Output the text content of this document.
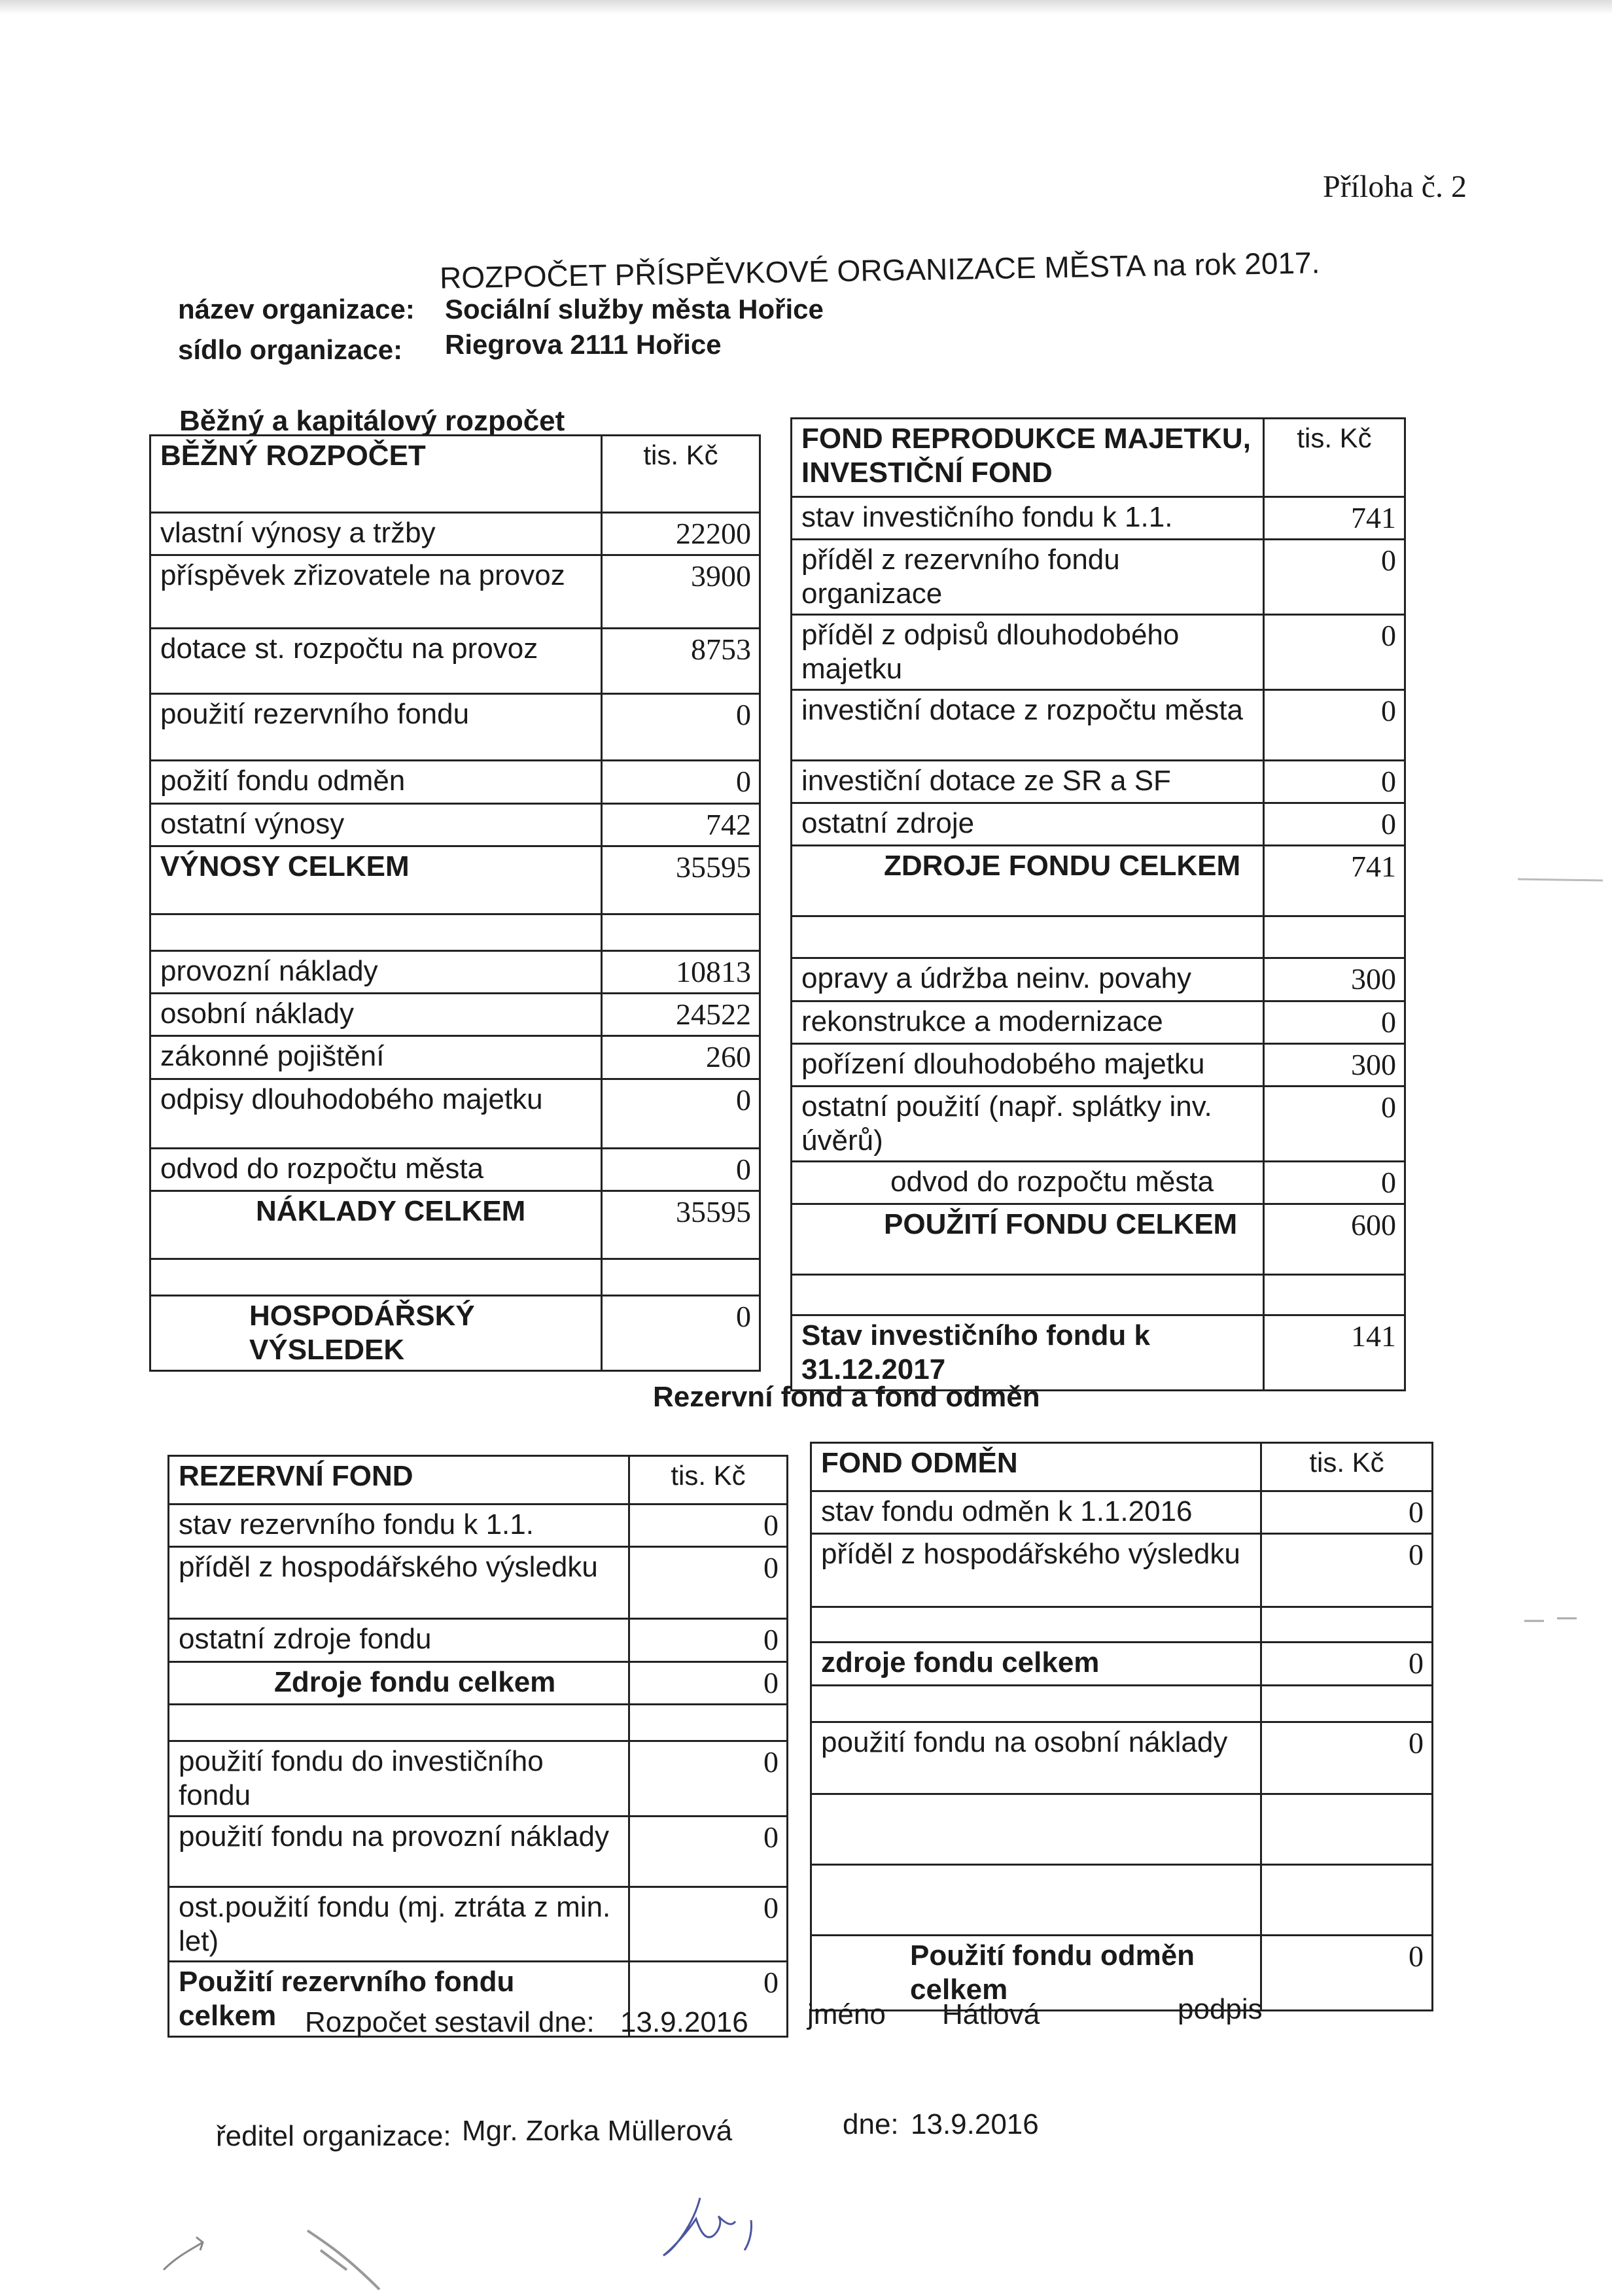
Příloha č. 2
ROZPOČET PŘÍSPĚVKOVÉ ORGANIZACE MĚSTA na rok 2017.
název organizace: Sociální služby města Hořice
sídlo organizace: Riegrova 2111 Hořice
Běžný a kapitálový rozpočet
BĚŽNÝ ROZPOČET	tis. Kč
vlastní výnosy a tržby	22200
příspěvek zřizovatele na provoz	3900
dotace st. rozpočtu na provoz	8753
použití rezervního fondu	0
požití fondu odměn	0
ostatní výnosy	742
VÝNOSY CELKEM	35595

provozní náklady	10813
osobní náklady	24522
zákonné pojištění	260
odpisy dlouhodobého majetku	0
odvod do rozpočtu města	0
NÁKLADY CELKEM	35595

HOSPODÁŘSKÝ VÝSLEDEK	0
FOND REPRODUKCE MAJETKU, INVESTIČNÍ FOND	tis. Kč
stav investičního fondu k 1.1.	741
příděl z rezervního fondu organizace	0
příděl z odpisů dlouhodobého majetku	0
investiční dotace z rozpočtu města	0
investiční dotace ze SR a SF	0
ostatní zdroje	0
ZDROJE FONDU CELKEM	741

opravy a údržba neinv. povahy	300
rekonstrukce a modernizace	0
pořízení dlouhodobého majetku	300
ostatní použití (např. splátky inv. úvěrů)	0
odvod do rozpočtu města	0
POUŽITÍ FONDU CELKEM	600

Stav investičního fondu k 31.12.2017	141
Rezervní fond a fond odměn
REZERVNÍ FOND	tis. Kč
stav rezervního fondu k 1.1.	0
příděl z hospodářského výsledku	0
ostatní zdroje fondu	0
Zdroje fondu celkem	0

použití fondu do investičního fondu	0
použití fondu na provozní náklady	0
ost.použití fondu (mj. ztráta z min. let)	0
Použití rezervního fondu celkem	0
FOND ODMĚN	tis. Kč
stav fondu odměn k 1.1.2016	0
příděl z hospodářského výsledku	0

zdroje fondu celkem	0

použití fondu na osobní náklady	0

Použití fondu odměn celkem	0
Rozpočet sestavil dne: 13.9.2016 jméno Hátlová	podpis
ředitel organizace: Mgr. Zorka Müllerová	dne: 13.9.2016
